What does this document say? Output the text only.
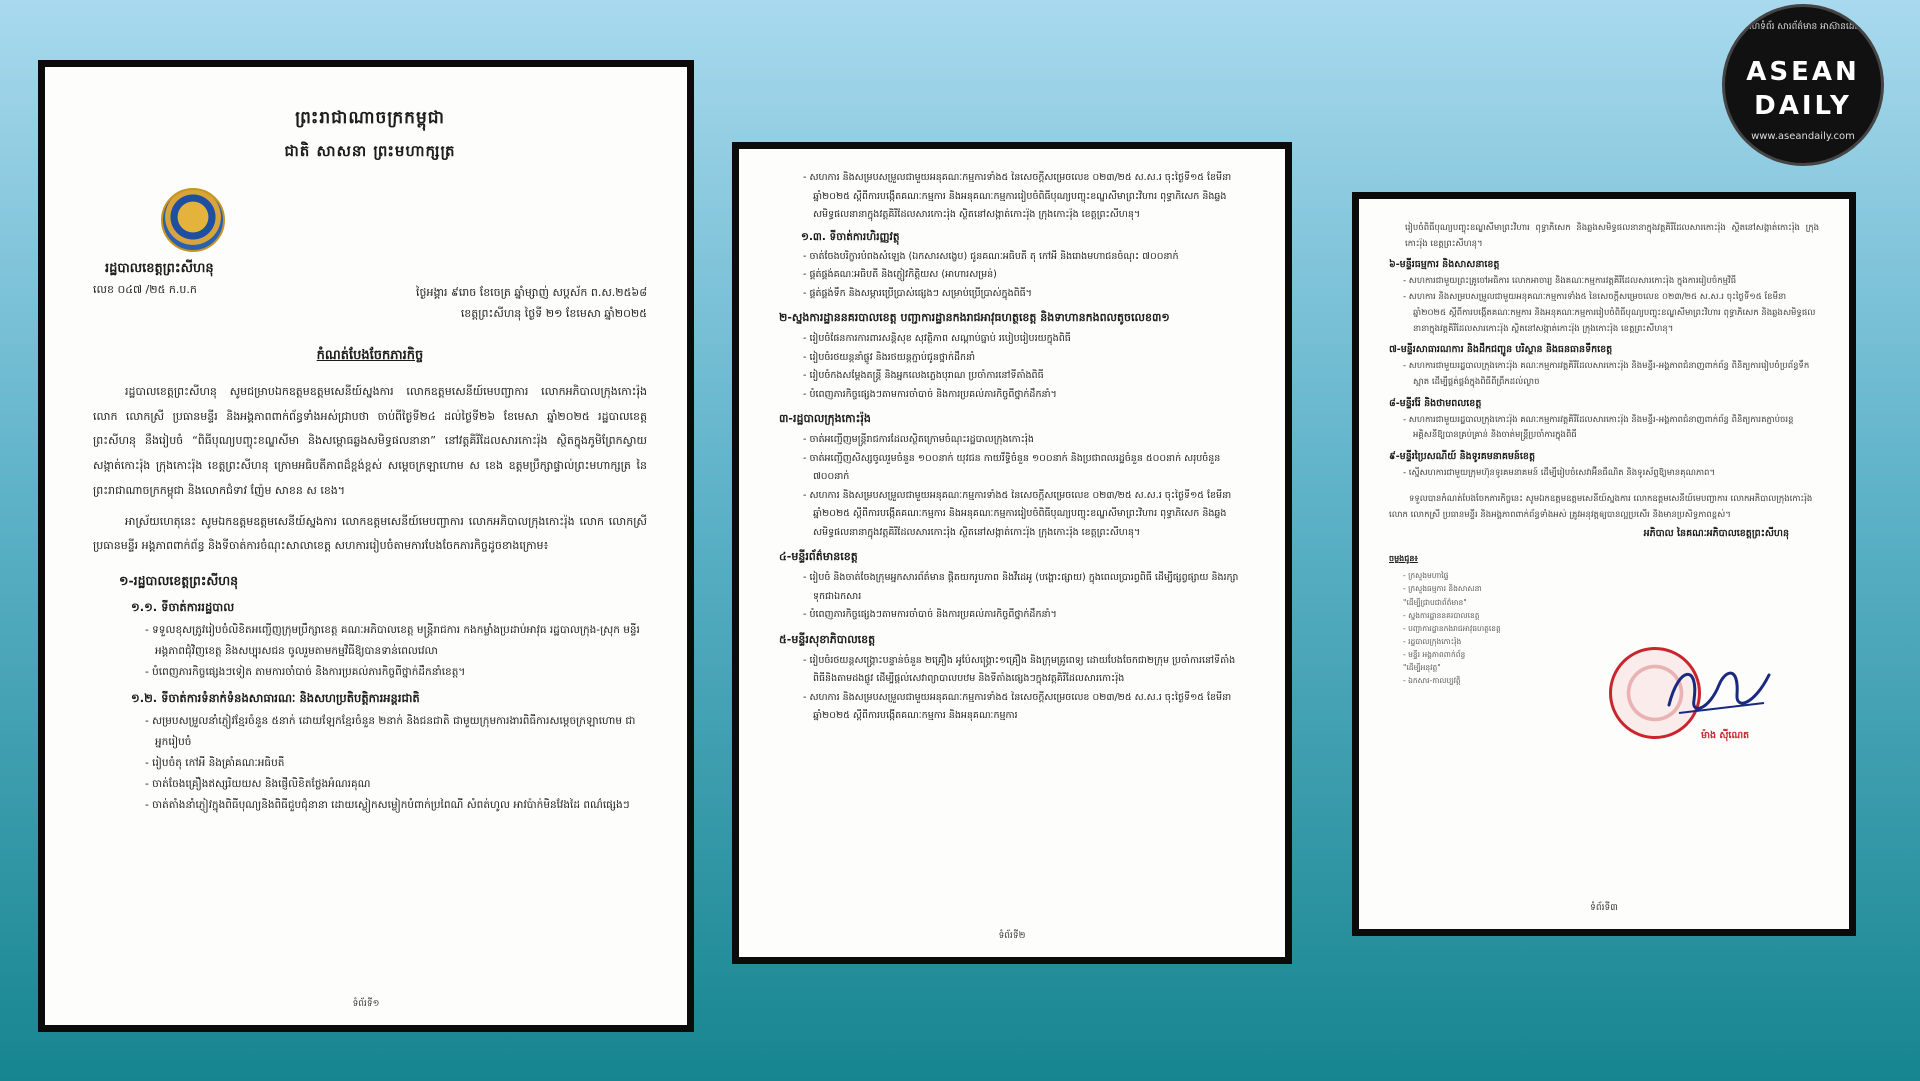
គេហទំព័រ សារព័ត៌មាន អាស៊ានដេលី
ASEAN
DAILY
www.aseandaily.com

ព្រះរាជាណាចក្រកម្ពុជា

ជាតិ សាសនា ព្រះមហាក្សត្រ

រដ្ឋបាលខេត្តព្រះសីហនុ
លេខ ០៤៧ /២៥ ក.ប.ក	ថ្ងៃអង្គារ ៩រោច ខែចេត្រ ឆ្នាំម្សាញ់ សប្តស័ក ព.ស.២៥៦៨
ខេត្តព្រះសីហនុ ថ្ងៃទី ២១ ខែមេសា ឆ្នាំ២០២៥
កំណត់បែងចែកភារកិច្ច

រដ្ឋបាលខេត្តព្រះសីហនុ សូមជម្រាបឯកឧត្តមឧត្តមសេនីយ៍ស្នងការ លោកឧត្តមសេនីយ៍មេបញ្ជាការ លោកអភិបាលក្រុងកោះរ៉ុង លោក លោកស្រី ប្រធានមន្ទីរ និងអង្គភាពពាក់ព័ន្ធទាំងអស់ជ្រាបថា ចាប់ពីថ្ងៃទី២៤ ដល់ថ្ងៃទី២៦ ខែមេសា ឆ្នាំ២០២៥ រដ្ឋបាលខេត្តព្រះសីហនុ នឹងរៀបចំ “ពិធីបុណ្យបញ្ចុះខណ្ឌសីមា និងសម្ពោធឆ្លងសមិទ្ធផលនានា” នៅវត្តគិរីដែលសារកោះរ៉ុង ស្ថិតក្នុងភូមិព្រែកស្វាយ សង្កាត់កោះរ៉ុង ក្រុងកោះរ៉ុង ខេត្តព្រះសីហនុ ក្រោមអធិបតីភាពដ៏ខ្ពង់ខ្ពស់ សម្តេចក្រឡាហោម ស ខេង ឧត្តមប្រឹក្សាផ្ទាល់ព្រះមហាក្សត្រ នៃព្រះរាជាណាចក្រកម្ពុជា និងលោកជំទាវ ញ៉ែម សាខន ស ខេង។

អាស្រ័យហេតុនេះ សូមឯកឧត្តមឧត្តមសេនីយ៍ស្នងការ លោកឧត្តមសេនីយ៍មេបញ្ជាការ លោកអភិបាលក្រុងកោះរ៉ុង លោក លោកស្រីប្រធានមន្ទីរ អង្គភាពពាក់ព័ន្ធ និងទីចាត់ការចំណុះសាលាខេត្ត សហការរៀបចំតាមការបែងចែកភារកិច្ចដូចខាងក្រោម៖

១-រដ្ឋបាលខេត្តព្រះសីហនុ
១.១. ទីចាត់ការរដ្ឋបាល
- ទទួលខុសត្រូវរៀបចំលិខិតអញ្ជើញក្រុមប្រឹក្សាខេត្ត គណៈអភិបាលខេត្ត មន្ត្រីរាជការ កងកម្លាំងប្រដាប់អាវុធ រដ្ឋបាលក្រុង-ស្រុក មន្ទីរ អង្គភាពជុំវិញខេត្ត និងសប្បុរសជន ចូលរួមតាមកម្មវិធីឱ្យបានទាន់ពេលវេលា
- បំពេញភារកិច្ចផ្សេងៗទៀត តាមការចាំបាច់ និងការប្រគល់ភារកិច្ចពីថ្នាក់ដឹកនាំខេត្ត។
១.២. ទីចាត់ការទំនាក់ទំនងសាធារណៈ និងសហប្រតិបត្តិការអន្តរជាតិ
- សម្របសម្រួលនាំភ្ញៀវខ្មែរចំនួន ៥នាក់ ដោយឡែកខ្មែរចំនួន ២នាក់ និងជនជាតិ ជាមួយក្រុមការងារពិធីការសម្តេចក្រឡាហោម ជាអ្នករៀបចំ
- រៀបចំតុ កៅអី និងគ្រាំគណៈអធិបតី
- ចាត់ចែងគ្រឿងឥស្សរិយយស និងផ្ញើលិខិតថ្លែងអំណរគុណ
- ចាត់តាំងនាំភ្ញៀវក្នុងពិធីបុណ្យនិងពិធីជួបជុំនានា ដោយស្លៀកសម្លៀកបំពាក់ប្រពៃណី សំពត់ហូល អាវប៉ាក់មិនវែងដៃ ពណ៌ផ្សេងៗ
ទំព័រទី១
- សហការ និងសម្របសម្រួលជាមួយអនុគណៈកម្មការទាំង៥ នៃសេចក្តីសម្រេចលេខ ០២៣/២៥ ស.ស.រ ចុះថ្ងៃទី១៥ ខែមីនា ឆ្នាំ២០២៥ ស្តីពីការបង្កើតគណៈកម្មការ និងអនុគណៈកម្មការរៀបចំពិធីបុណ្យបញ្ចុះខណ្ឌសីមាព្រះវិហារ ពុទ្ធាភិសេក និងឆ្លងសមិទ្ធផលនានាក្នុងវត្តគិរីដែលសារកោះរ៉ុង ស្ថិតនៅសង្កាត់កោះរ៉ុង ក្រុងកោះរ៉ុង ខេត្តព្រះសីហនុ។
១.៣. ទីចាត់ការហិរញ្ញវត្ថុ
- ចាត់ចែងបរិក្ខារបំពងសំឡេង (ឯកសារសង្ខេប) ជូនគណៈអធិបតី តុ កៅអី និងរោងមហាជនចំណុះ ៧០០នាក់
- ផ្គត់ផ្គង់គណៈអធិបតី និងភ្ញៀវកិត្តិយស (អាហារសម្រន់)
- ផ្គត់ផ្គង់ទឹក និងសម្ភារប្រើប្រាស់ផ្សេងៗ សម្រាប់ប្រើប្រាស់ក្នុងពិធី។
២-ស្នងការដ្ឋាននគរបាលខេត្ត បញ្ជាការដ្ឋានកងរាជអាវុធហត្ថខេត្ត និងទាហានកងពលតូចលេខ៣១
- រៀបចំផែនការការពារសន្តិសុខ សុវត្ថិភាព សណ្តាប់ធ្នាប់ របៀបរៀបរយក្នុងពិធី
- រៀបចំរថយន្តនាំផ្លូវ និងរថយន្តភ្ជាប់ជូនថ្នាក់ដឹកនាំ
- រៀបចំកងសម្តែងតន្ត្រី និងអ្នកលេងភ្លេងបុរាណ ប្រចាំការនៅទីតាំងពិធី
- បំពេញភារកិច្ចផ្សេងៗតាមការចាំបាច់ និងការប្រគល់ភារកិច្ចពីថ្នាក់ដឹកនាំ។
៣-រដ្ឋបាលក្រុងកោះរ៉ុង
- ចាត់អញ្ជើញមន្ត្រីរាជការដែលស្ថិតក្រោមចំណុះរដ្ឋបាលក្រុងកោះរ៉ុង
- ចាត់អញ្ជើញសិស្សចូលរួមចំនួន ១០០នាក់ យុវជន កាយរឹទ្ធិចំនួន ១០០នាក់ និងប្រជាពលរដ្ឋចំនួន ៥០០នាក់ សរុបចំនួន ៧០០នាក់
- សហការ និងសម្របសម្រួលជាមួយអនុគណៈកម្មការទាំង៥ នៃសេចក្តីសម្រេចលេខ ០២៣/២៥ ស.ស.រ ចុះថ្ងៃទី១៥ ខែមីនា ឆ្នាំ២០២៥ ស្តីពីការបង្កើតគណៈកម្មការ និងអនុគណៈកម្មការរៀបចំពិធីបុណ្យបញ្ចុះខណ្ឌសីមាព្រះវិហារ ពុទ្ធាភិសេក និងឆ្លងសមិទ្ធផលនានាក្នុងវត្តគិរីដែលសារកោះរ៉ុង ស្ថិតនៅសង្កាត់កោះរ៉ុង ក្រុងកោះរ៉ុង ខេត្តព្រះសីហនុ។
៤-មន្ទីរព័ត៌មានខេត្ត
- រៀបចំ និងចាត់ចែងក្រុមអ្នកសារព័ត៌មាន ផ្តិតយករូបភាព និងវីដេអូ (បង្ហោះផ្សាយ) ក្នុងពេលប្រារព្ធពិធី ដើម្បីផ្សព្វផ្សាយ និងរក្សាទុកជាឯកសារ
- បំពេញភារកិច្ចផ្សេងៗតាមការចាំបាច់ និងការប្រគល់ភារកិច្ចពីថ្នាក់ដឹកនាំ។
៥-មន្ទីរសុខាភិបាលខេត្ត
- រៀបចំរថយន្តសង្គ្រោះបន្ទាន់ចំនួន ២គ្រឿង អូប៉ែសង្គ្រោះ១គ្រឿង និងក្រុមគ្រូពេទ្យ ដោយបែងចែកជា២ក្រុម ប្រចាំការនៅទីតាំងពិធីនិងតាមដងផ្លូវ ដើម្បីផ្តល់សេវាព្យាបាលបឋម និងទីតាំងផ្សេងៗក្នុងវត្តគិរីដែលសារកោះរ៉ុង
- សហការ និងសម្របសម្រួលជាមួយអនុគណៈកម្មការទាំង៥ នៃសេចក្តីសម្រេចលេខ ០២៣/២៥ ស.ស.រ ចុះថ្ងៃទី១៥ ខែមីនា ឆ្នាំ២០២៥ ស្តីពីការបង្កើតគណៈកម្មការ និងអនុគណៈកម្មការ
ទំព័រទី២

រៀបចំពិធីបុណ្យបញ្ចុះខណ្ឌសីមាព្រះវិហារ ពុទ្ធាភិសេក និងឆ្លងសមិទ្ធផលនានាក្នុងវត្តគិរីដែលសារកោះរ៉ុង ស្ថិតនៅសង្កាត់កោះរ៉ុង ក្រុងកោះរ៉ុង ខេត្តព្រះសីហនុ។

៦-មន្ទីរធម្មការ និងសាសនាខេត្ត
- សហការជាមួយព្រះគ្រូចៅអធិការ លោកអាចារ្យ និងគណៈកម្មការវត្តគិរីដែលសារកោះរ៉ុង ក្នុងការរៀបចំកម្មវិធី
- សហការ និងសម្របសម្រួលជាមួយអនុគណៈកម្មការទាំង៥ នៃសេចក្តីសម្រេចលេខ ០២៣/២៥ ស.ស.រ ចុះថ្ងៃទី១៥ ខែមីនា ឆ្នាំ២០២៥ ស្តីពីការបង្កើតគណៈកម្មការ និងអនុគណៈកម្មការរៀបចំពិធីបុណ្យបញ្ចុះខណ្ឌសីមាព្រះវិហារ ពុទ្ធាភិសេក និងឆ្លងសមិទ្ធផលនានាក្នុងវត្តគិរីដែលសារកោះរ៉ុង ស្ថិតនៅសង្កាត់កោះរ៉ុង ក្រុងកោះរ៉ុង ខេត្តព្រះសីហនុ។
៧-មន្ទីរសាធារណការ និងដឹកជញ្ជូន បរិស្ថាន និងធនធានទឹកខេត្ត
- សហការជាមួយរដ្ឋបាលក្រុងកោះរ៉ុង គណៈកម្មការវត្តគិរីដែលសារកោះរ៉ុង និងមន្ទីរ-អង្គភាពជំនាញពាក់ព័ន្ធ ពិនិត្យការរៀបចំប្រព័ន្ធទឹកស្អាត ដើម្បីផ្គត់ផ្គង់ក្នុងពិធីពីព្រឹកដល់ល្ងាច
៨-មន្ទីររ៉ែ និងថាមពលខេត្ត
- សហការជាមួយរដ្ឋបាលក្រុងកោះរ៉ុង គណៈកម្មការវត្តគិរីដែលសារកោះរ៉ុង និងមន្ទីរ-អង្គភាពជំនាញពាក់ព័ន្ធ ពិនិត្យការតភ្ជាប់ចរន្តអគ្គិសនីឱ្យបានគ្រប់គ្រាន់ និងចាត់មន្ត្រីប្រចាំការក្នុងពិធី
៩-មន្ទីរប្រៃសណីយ៍ និងទូរគមនាគមន៍ខេត្ត
- ស្នើសហការជាមួយក្រុមហ៊ុនទូរគមនាគមន៍ ដើម្បីរៀបចំសេវាអ៊ីនធឺណិត និងទូរស័ព្ទឱ្យមានគុណភាព។

ទទួលបានកំណត់បែងចែកភារកិច្ចនេះ សូមឯកឧត្តមឧត្តមសេនីយ៍ស្នងការ លោកឧត្តមសេនីយ៍មេបញ្ជាការ លោកអភិបាលក្រុងកោះរ៉ុង លោក លោកស្រី ប្រធានមន្ទីរ និងអង្គភាពពាក់ព័ន្ធទាំងអស់ ត្រូវអនុវត្តឲ្យបានល្អប្រសើរ និងមានប្រសិទ្ធភាពខ្ពស់។

អភិបាល នៃគណៈអភិបាលខេត្តព្រះសីហនុ
ចម្លងជូន៖
- ក្រសួងមហាផ្ទៃ
- ក្រសួងធម្មការ និងសាសនា
"ដើម្បីជ្រាបជាព័ត៌មាន"
- ស្នងការដ្ឋាននគរបាលខេត្ត
- បញ្ជាការដ្ឋានកងរាជអាវុធហត្ថខេត្ត
- រដ្ឋបាលក្រុងកោះរ៉ុង
- មន្ទីរ អង្គភាពពាក់ព័ន្ធ
"ដើម្បីអនុវត្ត"
- ឯកសារ-កាលប្បវត្តិ
ម៉ាង ស៊ីណេត
ទំព័រទី៣
